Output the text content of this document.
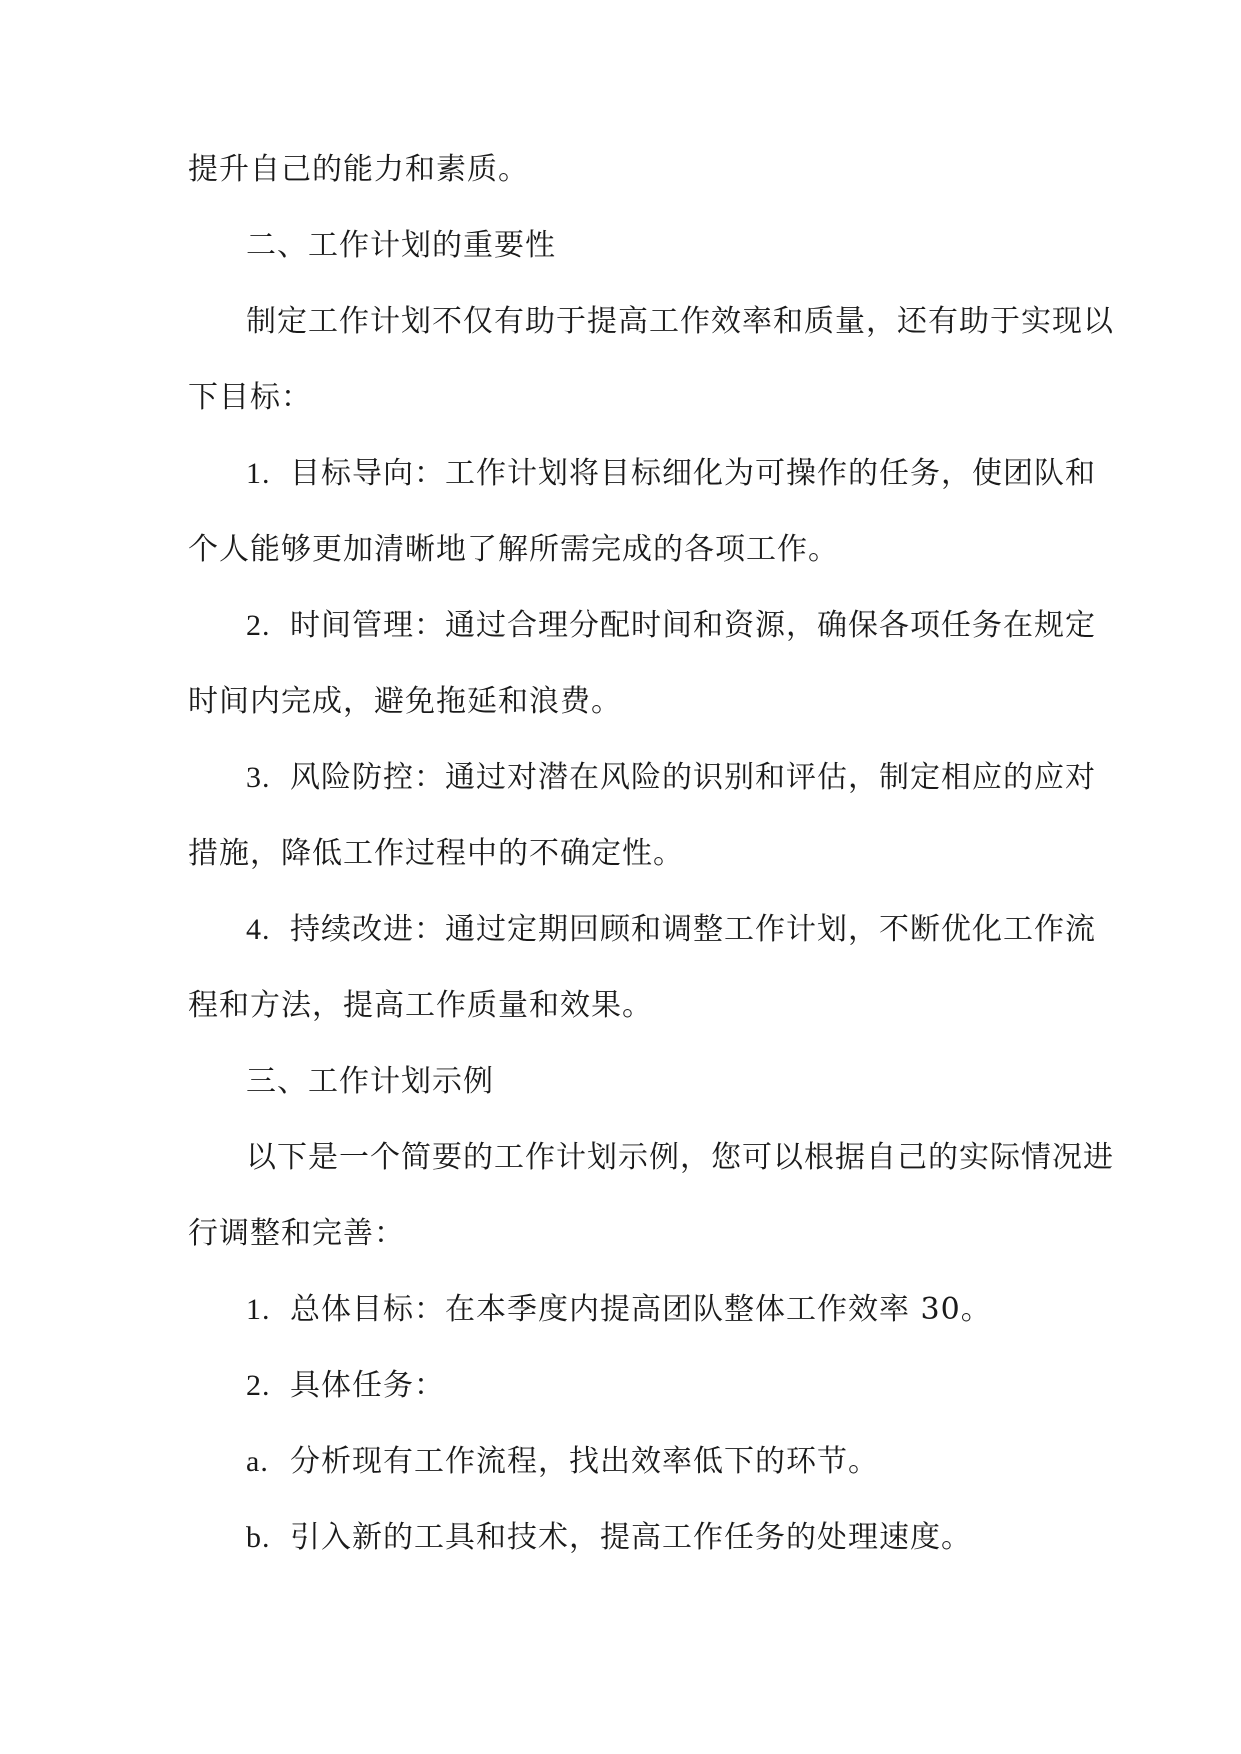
提升自己的能力和素质。
二、工作计划的重要性
制定工作计划不仅有助于提高工作效率和质量，还有助于实现以
下目标：
1. 目标导向：工作计划将目标细化为可操作的任务，使团队和
个人能够更加清晰地了解所需完成的各项工作。
2. 时间管理：通过合理分配时间和资源，确保各项任务在规定
时间内完成，避免拖延和浪费。
3. 风险防控：通过对潜在风险的识别和评估，制定相应的应对
措施，降低工作过程中的不确定性。
4. 持续改进：通过定期回顾和调整工作计划，不断优化工作流
程和方法，提高工作质量和效果。
三、工作计划示例
以下是一个简要的工作计划示例，您可以根据自己的实际情况进
行调整和完善：
1. 总体目标：在本季度内提高团队整体工作效率 30。
2. 具体任务：
a. 分析现有工作流程，找出效率低下的环节。
b. 引入新的工具和技术，提高工作任务的处理速度。
